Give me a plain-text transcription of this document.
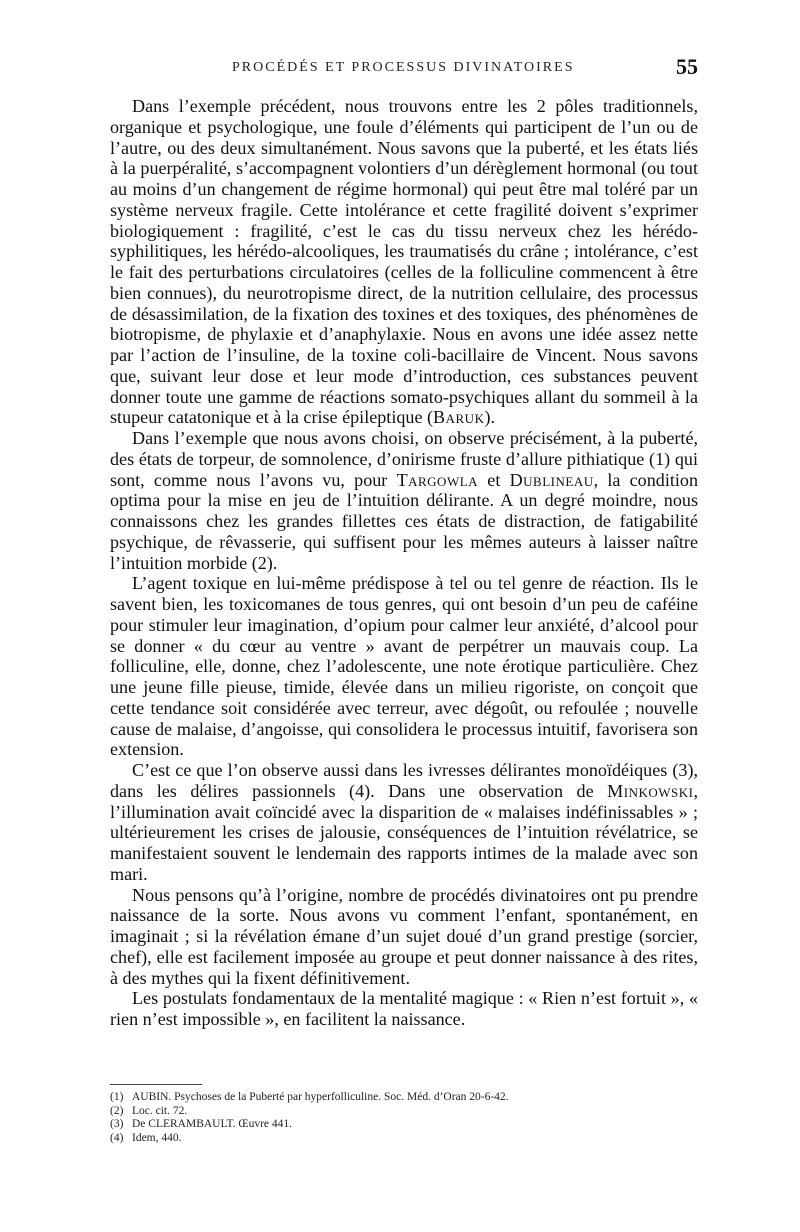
PROCÉDÉS ET PROCESSUS DIVINATOIRES	55

Dans l’exemple précédent, nous trouvons entre les 2 pôles traditionnels, organique et psychologique, une foule d’éléments qui participent de l’un ou de l’autre, ou des deux simultanément. Nous savons que la puberté, et les états liés à la puerpéralité, s’accompagnent volontiers d’un dérèglement hormonal (ou tout au moins d’un changement de régime hormonal) qui peut être mal toléré par un système nerveux fragile. Cette intolérance et cette fragilité doivent s’exprimer biologiquement : fragilité, c’est le cas du tissu nerveux chez les hérédo-syphilitiques, les hérédo-alcooliques, les traumatisés du crâne ; intolérance, c’est le fait des perturbations circulatoires (celles de la folliculine commencent à être bien connues), du neurotropisme direct, de la nutrition cellulaire, des processus de désassimilation, de la fixation des toxines et des toxiques, des phénomènes de biotropisme, de phylaxie et d’anaphylaxie. Nous en avons une idée assez nette par l’action de l’insuline, de la toxine coli-bacillaire de Vincent. Nous savons que, suivant leur dose et leur mode d’introduction, ces substances peuvent donner toute une gamme de réactions somato-psychiques allant du sommeil à la stupeur catatonique et à la crise épileptique (Baruk).

Dans l’exemple que nous avons choisi, on observe précisément, à la puberté, des états de torpeur, de somnolence, d’onirisme fruste d’allure pithiatique (1) qui sont, comme nous l’avons vu, pour Targowla et Dublineau, la condition optima pour la mise en jeu de l’intuition délirante. A un degré moindre, nous connaissons chez les grandes fillettes ces états de distraction, de fatigabilité psychique, de rêvasserie, qui suffisent pour les mêmes auteurs à laisser naître l’intuition morbide (2).

L’agent toxique en lui-même prédispose à tel ou tel genre de réaction. Ils le savent bien, les toxicomanes de tous genres, qui ont besoin d’un peu de caféine pour stimuler leur imagination, d’opium pour calmer leur anxiété, d’alcool pour se donner « du cœur au ventre » avant de perpétrer un mauvais coup. La folliculine, elle, donne, chez l’adolescente, une note érotique particulière. Chez une jeune fille pieuse, timide, élevée dans un milieu rigoriste, on conçoit que cette tendance soit considérée avec terreur, avec dégoût, ou refoulée ; nouvelle cause de malaise, d’angoisse, qui consolidera le processus intuitif, favorisera son extension.

C’est ce que l’on observe aussi dans les ivresses délirantes monoïdéiques (3), dans les délires passionnels (4). Dans une observation de Minkowski, l’illumination avait coïncidé avec la disparition de « malaises indéfinissables » ; ultérieurement les crises de jalousie, conséquences de l’intuition révélatrice, se manifestaient souvent le lendemain des rapports intimes de la malade avec son mari.

Nous pensons qu’à l’origine, nombre de procédés divinatoires ont pu prendre naissance de la sorte. Nous avons vu comment l’enfant, spontanément, en imaginait ; si la révélation émane d’un sujet doué d’un grand prestige (sorcier, chef), elle est facilement imposée au groupe et peut donner naissance à des rites, à des mythes qui la fixent définitivement.

Les postulats fondamentaux de la mentalité magique : « Rien n’est fortuit », « rien n’est impossible », en facilitent la naissance.

(1) AUBIN. Psychoses de la Puberté par hyperfolliculine. Soc. Méd. d’Oran 20-6-42.
(2) Loc. cit. 72.
(3) De CLERAMBAULT. Œuvre 441.
(4) Idem, 440.
